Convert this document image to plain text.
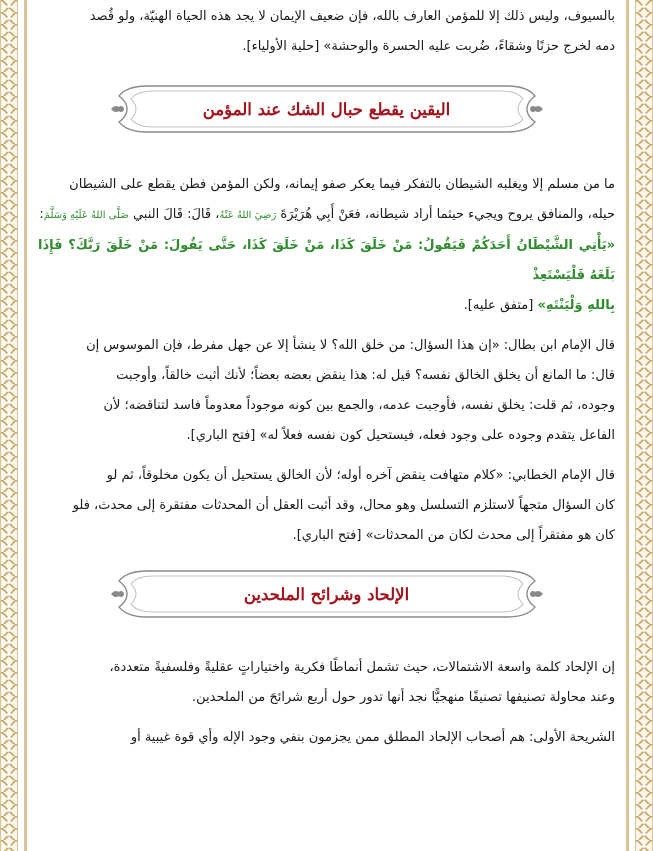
بالسيوف، وليس ذلك إلا للمؤمن العارف بالله، فإن ضعيف الإيمان لا يجد هذه الحياة الهنيّة، ولو قُصد

دمه لخرج حزنًا وشقاءً، ضُربت عليه الحسرة والوحشة» [حلية الأولياء].

اليقين يقطع حبال الشك عند المؤمن

ما من مسلم إلا ويغلبه الشيطان بالتفكر فيما يعكر صفو إيمانه، ولكن المؤمن فطن يقطع على الشيطان

حيله، والمنافق يروح ويجيء حيثما أراد شيطانه، فعَنْ أَبِي هُرَيْرَةَ رَضِيَ اللهُ عَنْهُ، قَالَ: قَالَ النبي صَلَّى اللهُ عَلَيْهِ وَسَلَّمَ:

«يَأْتِي الشَّيْطَانُ أَحَدَكُمْ فَيَقُولُ: مَنْ خَلَقَ كَذَا، مَنْ خَلَقَ كَذَا، حَتَّى يَقُولَ: مَنْ خَلَقَ رَبَّكَ؟ فَإِذَا بَلَغَهُ فَلْيَسْتَعِذْ

بِاللهِ وَلْيَنْتَهِ» [متفق عليه].

قال الإمام ابن بطال: «إن هذا السؤال: من خلق الله؟ لا ينشأ إلا عن جهل مفرط، فإن الموسوس إن

قال: ما المانع أن يخلق الخالق نفسه؟ قيل له: هذا ينقض بعضه بعضاً؛ لأنك أثبت خالقاً، وأوجبت

وجوده، ثم قلت: يخلق نفسه، فأوجبت عدمه، والجمع بين كونه موجوداً معدوماً فاسد لتناقضه؛ لأن

الفاعل يتقدم وجوده على وجود فعله، فيستحيل كون نفسه فعلاً له» [فتح الباري].

قال الإمام الخطابي: «كلام متهافت ينقض آخره أوله؛ لأن الخالق يستحيل أن يكون مخلوقاً، ثم لو

كان السؤال متجهاً لاستلزم التسلسل وهو محال، وقد أثبت العقل أن المحدثات مفتقرة إلى محدث، فلو

كان هو مفتقراً إلى محدث لكان من المحدثات» [فتح الباري].

الإلحاد وشرائح الملحدين

إن الإلحاد كلمة واسعة الاشتمالات، حيث تشمل أنماطًا فكرية واختياراتٍ عقليةً وفلسفيةً متعددة،

وعند محاولة تصنيفها تصنيفًا منهجيًّا نجد أنها تدور حول أربع شرائحَ من الملحدين.

الشريحة الأولى: هم أصحاب الإلحاد المطلق ممن يجزمون بنفي وجود الإله وأي قوة غيبية أو
